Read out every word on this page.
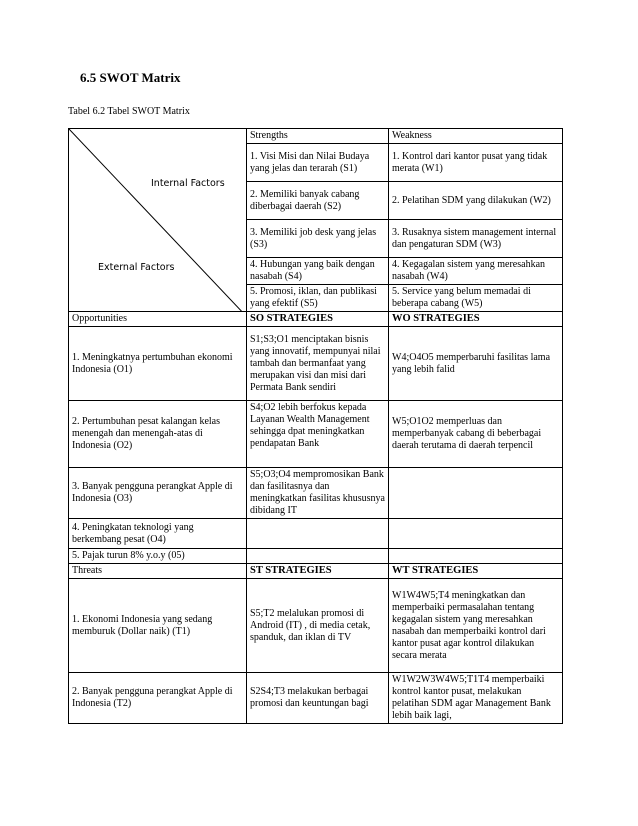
6.5 SWOT Matrix
Tabel 6.2 Tabel SWOT Matrix
Internal Factors
External Factors	Strengths	Weakness
	1. Visi Misi dan Nilai Budaya yang jelas dan terarah (S1)	1. Kontrol dari kantor pusat yang tidak merata (W1)
	2. Memiliki banyak cabang diberbagai daerah (S2)	2. Pelatihan SDM yang dilakukan (W2)
	3. Memiliki job desk yang jelas (S3)	3. Rusaknya sistem management internal dan pengaturan SDM (W3)
	4. Hubungan yang baik dengan nasabah (S4)	4. Kegagalan sistem yang meresahkan nasabah (W4)
	5. Promosi, iklan, dan publikasi yang efektif (S5)	5. Service yang belum memadai di beberapa cabang (W5)
Opportunities	SO STRATEGIES	WO STRATEGIES
1. Meningkatnya pertumbuhan ekonomi Indonesia (O1)	S1;S3;O1 menciptakan bisnis yang innovatif, mempunyai nilai tambah dan bermanfaat yang merupakan visi dan misi dari Permata Bank sendiri	W4;O4O5 memperbaruhi fasilitas lama yang lebih falid
2. Pertumbuhan pesat kalangan kelas menengah dan menengah-atas di Indonesia (O2)	S4;O2 lebih berfokus kepada Layanan Wealth Management sehingga dpat meningkatkan pendapatan Bank	W5;O1O2 memperluas dan memperbanyak cabang di beberbagai daerah terutama di daerah terpencil
3. Banyak pengguna perangkat Apple di Indonesia (O3)	S5;O3;O4 mempromosikan Bank dan fasilitasnya dan meningkatkan fasilitas khususnya dibidang IT	
4. Peningkatan teknologi yang berkembang pesat (O4)		
5. Pajak turun 8% y.o.y (05)		
Threats	ST STRATEGIES	WT STRATEGIES
1. Ekonomi Indonesia yang sedang memburuk (Dollar naik) (T1)	S5;T2 melalukan promosi di Android (IT) , di media cetak, spanduk, dan iklan di TV	W1W4W5;T4 meningkatkan dan memperbaiki permasalahan tentang kegagalan sistem yang meresahkan nasabah dan memperbaiki kontrol dari kantor pusat agar kontrol dilakukan secara merata
2. Banyak pengguna perangkat Apple di Indonesia (T2)	S2S4;T3 melakukan berbagai promosi dan keuntungan bagi	W1W2W3W4W5;T1T4 memperbaiki kontrol kantor pusat, melakukan pelatihan SDM agar Management Bank lebih baik lagi,
